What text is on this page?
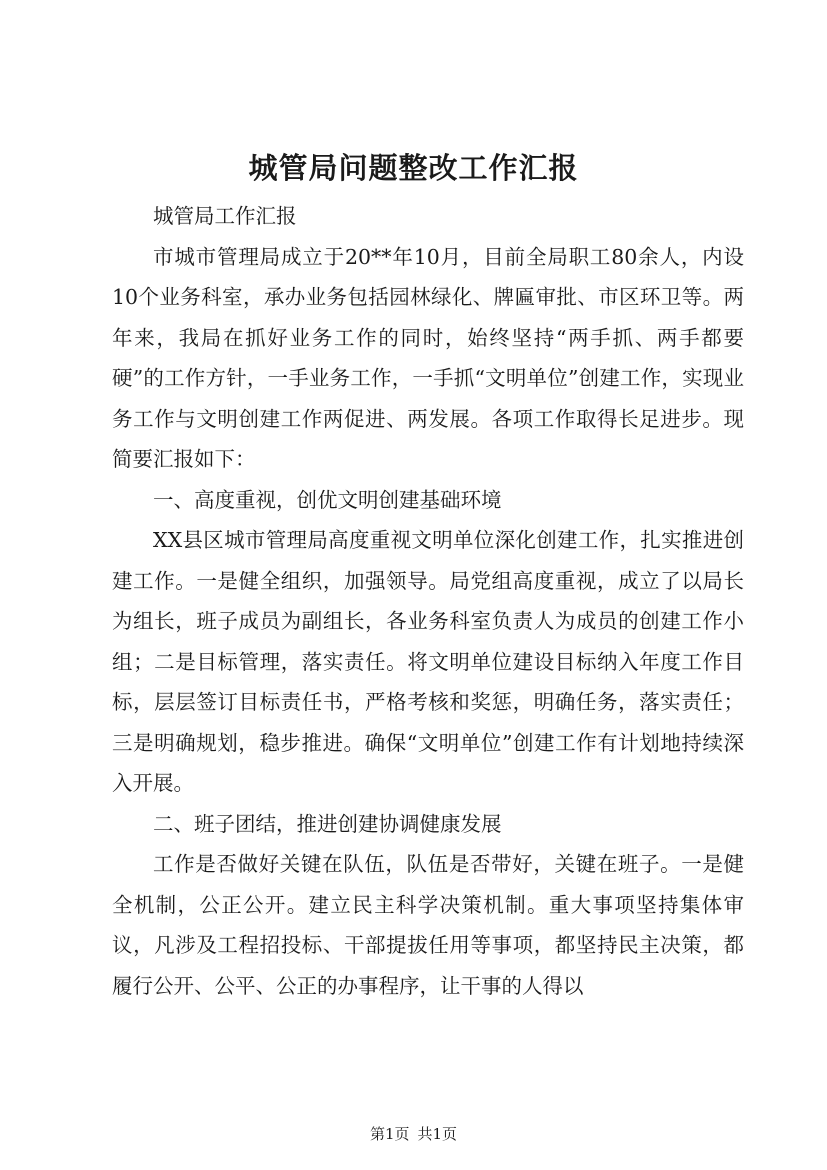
城管局问题整改工作汇报

城管局工作汇报

市城市管理局成立于20**年10月，目前全局职工80余人，内设10个业务科室，承办业务包括园林绿化、牌匾审批、市区环卫等。两年来，我局在抓好业务工作的同时，始终坚持“两手抓、两手都要硬”的工作方针，一手业务工作，一手抓“文明单位”创建工作，实现业务工作与文明创建工作两促进、两发展。各项工作取得长足进步。现简要汇报如下：

一、高度重视，创优文明创建基础环境

XX县区城市管理局高度重视文明单位深化创建工作，扎实推进创建工作。一是健全组织，加强领导。局党组高度重视，成立了以局长为组长，班子成员为副组长，各业务科室负责人为成员的创建工作小组；二是目标管理，落实责任。将文明单位建设目标纳入年度工作目标，层层签订目标责任书，严格考核和奖惩，明确任务，落实责任；三是明确规划，稳步推进。确保“文明单位”创建工作有计划地持续深入开展。

二、班子团结，推进创建协调健康发展

工作是否做好关键在队伍，队伍是否带好，关键在班子。一是健全机制，公正公开。建立民主科学决策机制。重大事项坚持集体审议，凡涉及工程招投标、干部提拔任用等事项，都坚持民主决策，都履行公开、公平、公正的办事程序，让干事的人得以

第1页 共1页
